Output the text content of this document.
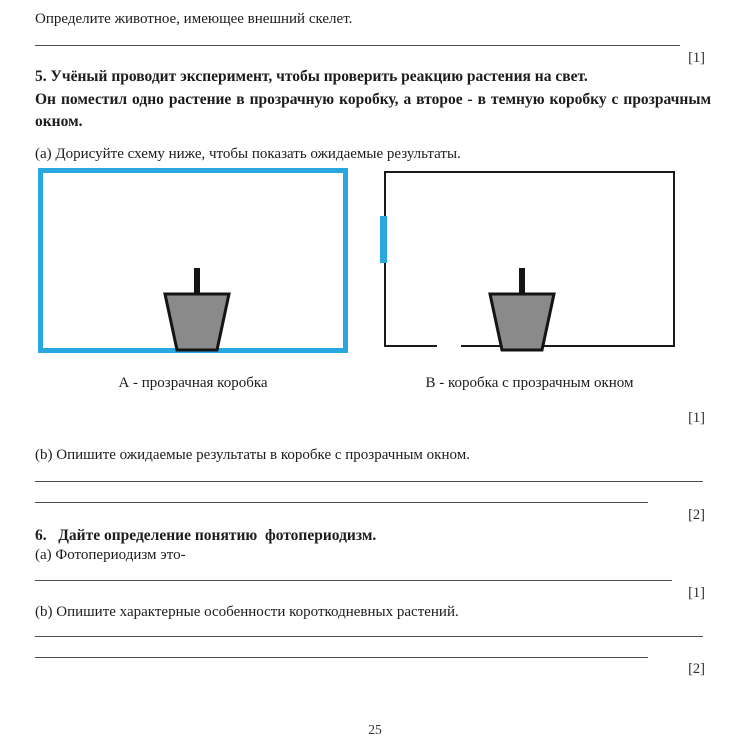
Определите животное, имеющее внешний скелет.
[1]
5. Учёный проводит эксперимент, чтобы проверить реакцию растения на свет.
Он поместил одно растение в прозрачную коробку, а второе - в темную коробку с прозрачным окном.
(a) Дорисуйте схему ниже, чтобы показать ожидаемые результаты.
А - прозрачная коробка	В - коробка с прозрачным окном
[1]
(b) Опишите ожидаемые результаты в коробке с прозрачным окном.
[2]
6.   Дайте определение понятию  фотопериодизм.
(a) Фотопериодизм это-
[1]
(b) Опишите характерные особенности короткодневных растений.
[2]
25
